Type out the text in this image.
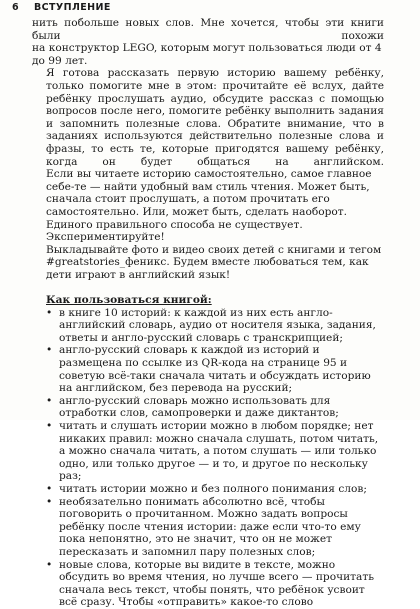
6	ВСТУПЛЕНИЕ

нить побольше новых слов. Мне хочется, чтобы эти книги были похожи

на конструктор LEGO, которым могут пользоваться люди от 4 до 99 лет.

Я готова рассказать первую историю вашему ребёнку, только помогите мне в этом: прочитайте её вслух, дайте ребёнку прослушать аудио, обсудите рассказ с помощью вопросов после него, помогите ребёнку выполнить задания и запомнить полезные слова. Обратите внимание, что в заданиях используются действительно полезные слова и фразы, то есть те, которые пригодятся вашему ребёнку, когда он будет общаться на английском.

Если вы читаете историю самостоятельно, самое главное себе-те — найти удобный вам стиль чтения. Может быть, сначала стоит прослушать, а потом прочитать его самостоятельно. Или, может быть, сделать наоборот. Единого правильного способа не существует.

Экспериментируйте!

Выкладывайте фото и видео своих детей с книгами и тегом #greatstories_феникс. Будем вместе любоваться тем, как дети играют в английский язык!

Как пользоваться книгой:

• в книге 10 историй: к каждой из них есть англо-английский словарь, аудио от носителя языка, задания, ответы и англо-русский словарь с транскрипцией;
• англо-русский словарь к каждой из историй и размещена по ссылке из QR-кода на странице 95 и советую всё-таки сначала читать и обсуждать историю на английском, без перевода на русский;
• англо-русский словарь можно использовать для отработки слов, самопроверки и даже диктантов;
• читать и слушать истории можно в любом порядке; нет никаких правил: можно сначала слушать, потом читать, а можно сначала читать, а потом слушать — или только одно, или только другое — и то, и другое по нескольку раз;
• читать истории можно и без полного понимания слов;
• необязательно понимать абсолютно всё, чтобы поговорить о прочитанном. Можно задать вопросы ребёнку после чтения истории: даже если что-то ему пока непонятно, это не значит, что он не может пересказать и запомнил пару полезных слов;
• новые слова, которые вы видите в тексте, можно обсудить во время чтения, но лучше всего — прочитать сначала весь текст, чтобы понять, что ребёнок усвоит всё сразу. Чтобы «отправить» какое-то слово
